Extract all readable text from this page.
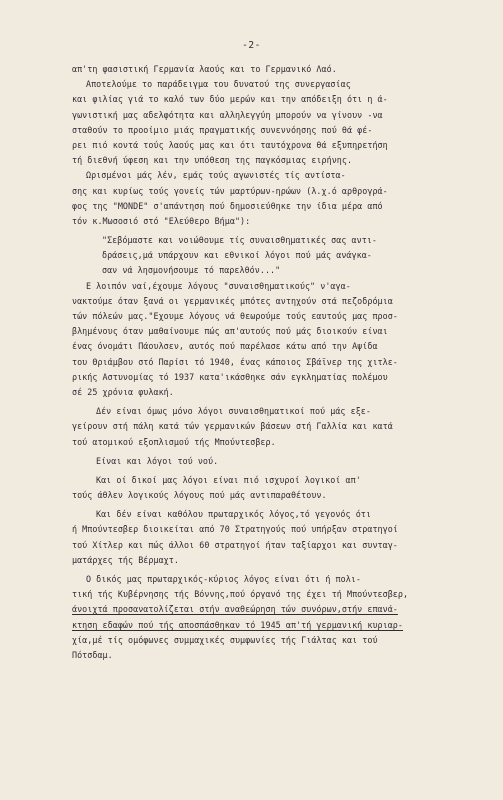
-2-
απ'τη φασιστική Γερμανία λαούς και το Γερμανικό Λαό.
Αποτελούμε το παράδειγμα του δυνατού της συνεργασίας
και φιλίας γιά το καλό των δύο μερών και την απόδειξη ότι η ά-
γωνιστική μας αδελφότητα και αλληλεγγύη μπορούν να γίνουν -να
σταθούν το προοίμιο μιάς πραγματικής συνεννόησης πού θά φέ-
ρει πιό κοντά τούς λαούς μας και ότι ταυτόχρονα θά εξυπηρετήση
τή διεθνή ύφεση και την υπόθεση της παγκόσμιας ειρήνης.
Ωρισμένοι μάς λέν, εμάς τούς αγωνιστές τίς αντίστα-
σης και κυρίως τούς γονείς τών μαρτύρων-ηρώων (λ.χ.ό αρθρογρά-
φος της "MONDE" σ'απάντηση πού δημοσιεύθηκε την ίδια μέρα από
τόν κ.Μωσοσιό στό "Ελεύθερο Βήμα"):
"Σεβόμαστε και νοιώθουμε τίς συναισθηματικές σας αντι-
δράσεις,μά υπάρχουν και εθνικοί λόγοι πού μάς ανάγκα-
σαν νά λησμονήσουμε τό παρελθόν..."
Ε λοιπόν ναί,έχουμε λόγους "συναισθηματικούς" ν'αγα-
νακτούμε όταν ξανά οι γερμανικές μπότες αντηχούν στά πεζοδρόμια
τών πόλεών μας."Εχουμε λόγους νά θεωρούμε τούς εαυτούς μας προσ-
βλημένους όταν μαθαίνουμε πώς απ'αυτούς πού μάς διοικούν είναι
ένας όνομάτι Πάουλσεν, αυτός πού παρέλασε κάτω από την Αψίδα
του Θριάμβου στό Παρίσι τό 1940, ένας κάποιος Σβάϊνερ της χιτλε-
ρικής Αστυνομίας τό 1937 κατα'ικάσθηκε σάν εγκληματίας πολέμου
σέ 25 χρόνια φυλακή.
Δέν είναι όμως μόνο λόγοι συναισθηματικοί πού μάς εξε-
γείρουν στή πάλη κατά τών γερμανικών βάσεων στή Γαλλία και κατά
τού ατομικού εξοπλισμού τής Μπούντεσβερ.
Είναι και λόγοι τού νού.
Και οί δικοί μας λόγοι είναι πιό ισχυροί λογικοί απ'
τούς άθλεν λογικούς λόγους πού μάς αντιπαραθέτουν.
Και δέν είναι καθόλου πρωταρχικός λόγος,τό γεγονός ότι
ή Μπούντεσβερ διοικείται από 70 Στρατηγούς πού υπήρξαν στρατηγοί
τού Χίτλερ και πώς άλλοι 60 στρατηγοί ήταν ταξίαρχοι και συνταγ-
ματάρχες τής Βέρμαχτ.
Ο δικός μας πρωταρχικός-κύριος λόγος είναι ότι ή πολι-
τική τής Κυβέρνησης τής Βόννης,πού όργανό της έχει τή Μπούντεσβερ,
άνοιχτά προσανατολίζεται στήν αναθεώρηση τών συνόρων,στήν επανά-
κτηση εδαφών πού τής αποσπάσθηκαν τό 1945 απ'τή γερμανική κυριαρ-
χία,μέ τίς ομόφωνες συμμαχικές συμφωνίες τής Γιάλτας και τού
Πότσδαμ.
